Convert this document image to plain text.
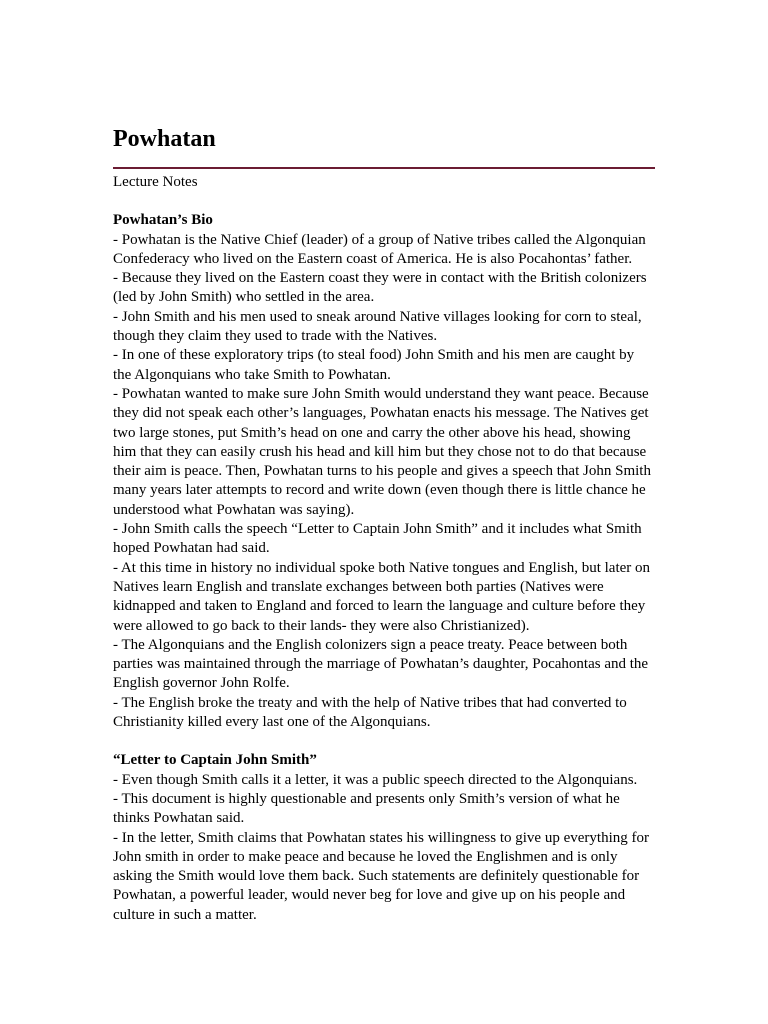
Powhatan
Lecture Notes
Powhatan’s Bio

- Powhatan is the Native Chief (leader) of a group of Native tribes called the Algonquian Confederacy who lived on the Eastern coast of America. He is also Pocahontas’ father.

- Because they lived on the Eastern coast they were in contact with the British colonizers (led by John Smith) who settled in the area.

- John Smith and his men used to sneak around Native villages looking for corn to steal, though they claim they used to trade with the Natives.

- In one of these exploratory trips (to steal food) John Smith and his men are caught by the Algonquians who take Smith to Powhatan.

- Powhatan wanted to make sure John Smith would understand they want peace. Because they did not speak each other’s languages, Powhatan enacts his message. The Natives get two large stones, put Smith’s head on one and carry the other above his head, showing him that they can easily crush his head and kill him but they chose not to do that because their aim is peace. Then, Powhatan turns to his people and gives a speech that John Smith many years later attempts to record and write down (even though there is little chance he understood what Powhatan was saying).

- John Smith calls the speech “Letter to Captain John Smith” and it includes what Smith hoped Powhatan had said.

- At this time in history no individual spoke both Native tongues and English, but later on Natives learn English and translate exchanges between both parties (Natives were kidnapped and taken to England and forced to learn the language and culture before they were allowed to go back to their lands- they were also Christianized).

- The Algonquians and the English colonizers sign a peace treaty. Peace between both parties was maintained through the marriage of Powhatan’s daughter, Pocahontas and the English governor John Rolfe.

- The English broke the treaty and with the help of Native tribes that had converted to Christianity killed every last one of the Algonquians.

“Letter to Captain John Smith”

- Even though Smith calls it a letter, it was a public speech directed to the Algonquians.

- This document is highly questionable and presents only Smith’s version of what he thinks Powhatan said.

- In the letter, Smith claims that Powhatan states his willingness to give up everything for John smith in order to make peace and because he loved the Englishmen and is only asking the Smith would love them back. Such statements are definitely questionable for Powhatan, a powerful leader, would never beg for love and give up on his people and culture in such a matter.
